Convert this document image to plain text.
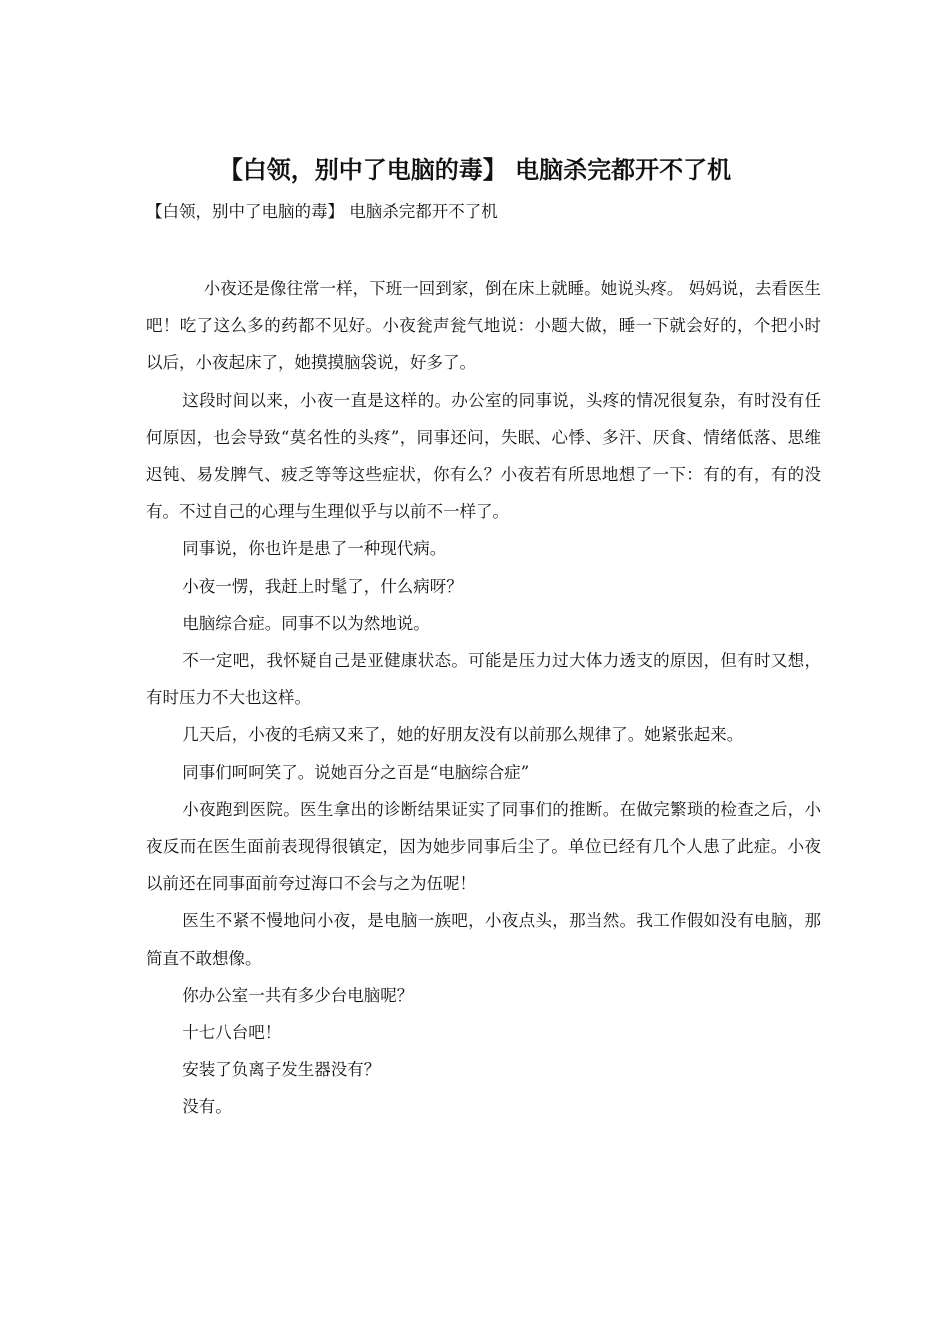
【白领，别中了电脑的毒】 电脑杀完都开不了机

【白领，别中了电脑的毒】 电脑杀完都开不了机

小夜还是像往常一样，下班一回到家，倒在床上就睡。她说头疼。 妈妈说，去看医生吧！吃了这么多的药都不见好。小夜瓮声瓮气地说：小题大做，睡一下就会好的，个把小时以后，小夜起床了，她摸摸脑袋说，好多了。

这段时间以来，小夜一直是这样的。办公室的同事说，头疼的情况很复杂，有时没有任何原因，也会导致“莫名性的头疼”，同事还问，失眠、心悸、多汗、厌食、情绪低落、思维迟钝、易发脾气、疲乏等等这些症状，你有么？小夜若有所思地想了一下：有的有，有的没有。不过自己的心理与生理似乎与以前不一样了。

同事说，你也许是患了一种现代病。

小夜一愣，我赶上时髦了，什么病呀？

电脑综合症。同事不以为然地说。

不一定吧，我怀疑自己是亚健康状态。可能是压力过大体力透支的原因，但有时又想，有时压力不大也这样。

几天后，小夜的毛病又来了，她的好朋友没有以前那么规律了。她紧张起来。

同事们呵呵笑了。说她百分之百是“电脑综合症”

小夜跑到医院。医生拿出的诊断结果证实了同事们的推断。在做完繁琐的检查之后，小夜反而在医生面前表现得很镇定，因为她步同事后尘了。单位已经有几个人患了此症。小夜以前还在同事面前夸过海口不会与之为伍呢！

医生不紧不慢地问小夜，是电脑一族吧，小夜点头，那当然。我工作假如没有电脑，那简直不敢想像。

你办公室一共有多少台电脑呢？

十七八台吧！

安装了负离子发生器没有？

没有。
